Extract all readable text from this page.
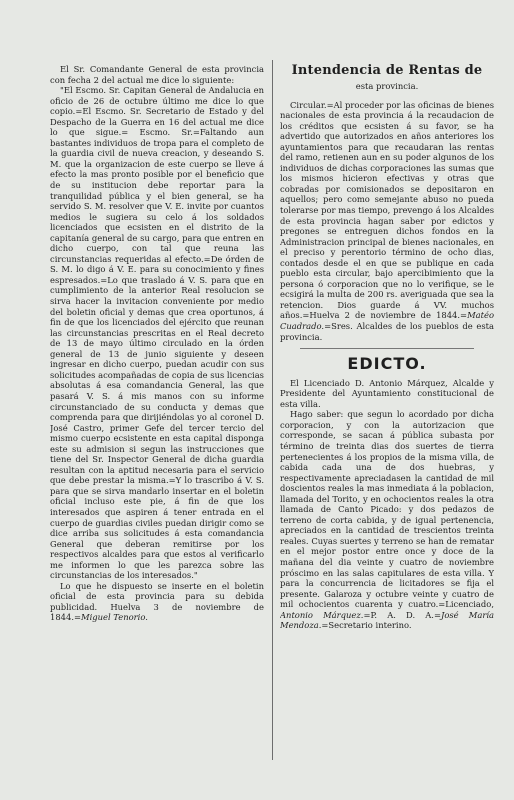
El Sr. Comandante General de esta provincia con fecha 2 del actual me dice lo siguiente:

"El Escmo. Sr. Capitan General de Andalucia en oficio de 26 de octubre último me dice lo que copio.=El Escmo. Sr. Secretario de Estado y del Despacho de la Guerra en 16 del actual me dice lo que sigue.= Escmo. Sr.=Faltando aun bastantes individuos de tropa para el completo de la guardia civil de nueva creacion, y deseando S. M. que la organizacion de este cuerpo se lleve á efecto la mas pronto posible por el beneficio que de su institucion debe reportar para la tranquilidad pública y el bien general, se ha servido S. M. resolver que V. E. invite por cuantos medios le sugiera su celo á los soldados licenciados que ecsisten en el distrito de la capitanía general de su cargo, para que entren en dicho cuerpo, con tal que reuna las circunstancias requeridas al efecto.=De órden de S. M. lo digo á V. E. para su conocimiento y fines espresados.=Lo que traslado á V. S. para que en cumplimiento de la anterior Real resolucion se sirva hacer la invitacion conveniente por medio del boletin oficial y demas que crea oportunos, á fin de que los licenciados del ejército que reunan las circunstancias prescritas en el Real decreto de 13 de mayo último circulado en la órden general de 13 de junio siguiente y deseen ingresar en dicho cuerpo, puedan acudir con sus solicitudes acompañadas de copia de sus licencias absolutas á esa comandancia General, las que pasará V. S. á mis manos con su informe circunstanciado de su conducta y demas que comprenda para que dirijiéndolas yo al coronel D. José Castro, primer Gefe del tercer tercio del mismo cuerpo ecsistente en esta capital disponga este su admision si segun las instrucciones que tiene del Sr. Inspector General de dicha guardia resultan con la aptitud necesaria para el servicio que debe prestar la misma.=Y lo trascribo á V. S. para que se sirva mandarlo insertar en el boletin oficial incluso este pie, á fin de que los interesados que aspiren á tener entrada en el cuerpo de guardias civiles puedan dirigir como se dice arriba sus solicitudes á esta comandancia General que deberan remitirse por los respectivos alcaldes para que estos al verificarlo me informen lo que les parezca sobre las circunstancias de los interesados."

Lo que he dispuesto se inserte en el boletin oficial de esta provincia para su debida publicidad. Huelva 3 de noviembre de 1844.=Miguel Tenorio.

Intendencia de Rentas de
esta provincia.

Circular.=Al proceder por las oficinas de bienes nacionales de esta provincia á la recaudacion de los créditos que ecsisten á su favor, se ha advertido que autorizados en años anteriores los ayuntamientos para que recaudaran las rentas del ramo, retienen aun en su poder algunos de los individuos de dichas corporaciones las sumas que los mismos hicieron efectivas y otras que cobradas por comisionados se depositaron en aquellos; pero como semejante abuso no pueda tolerarse por mas tiempo, prevengo á los Alcaldes de esta provincia hagan saber por edictos y pregones se entreguen dichos fondos en la Administracion principal de bienes nacionales, en el preciso y perentorio término de ocho dias, contados desde el en que se publique en cada pueblo esta circular, bajo apercibimiento que la persona ó corporacion que no lo verifique, se le ecsigirá la multa de 200 rs. averiguada que sea la retencion. Dios guarde á VV. muchos años.=Huelva 2 de noviembre de 1844.=Matéo Cuadrado.=Sres. Alcaldes de los pueblos de esta provincia.

EDICTO.

El Licenciado D. Antonio Márquez, Alcalde y Presidente del Ayuntamiento constitucional de esta villa.

Hago saber: que segun lo acordado por dicha corporacion, y con la autorizacion que corresponde, se sacan á pública subasta por término de treinta dias dos suertes de tierra pertenecientes á los propios de la misma villa, de cabida cada una de dos huebras, y respectivamente apreciadasen la cantidad de mil doscientos reales la mas inmediata á la poblacion, llamada del Torito, y en ochocientos reales la otra llamada de Canto Picado: y dos pedazos de terreno de corta cabida, y de igual pertenencia, apreciados en la cantidad de trescientos treinta reales. Cuyas suertes y terreno se han de rematar en el mejor postor entre once y doce de la mañana del dia veinte y cuatro de noviembre próscimo en las salas capitulares de esta villa. Y para la concurrencia de licitadores se fija el presente. Galaroza y octubre veinte y cuatro de mil ochocientos cuarenta y cuatro.=Licenciado, Antonio Márquez.=P. A. D. A.=José María Mendoza.=Secretario interino.
